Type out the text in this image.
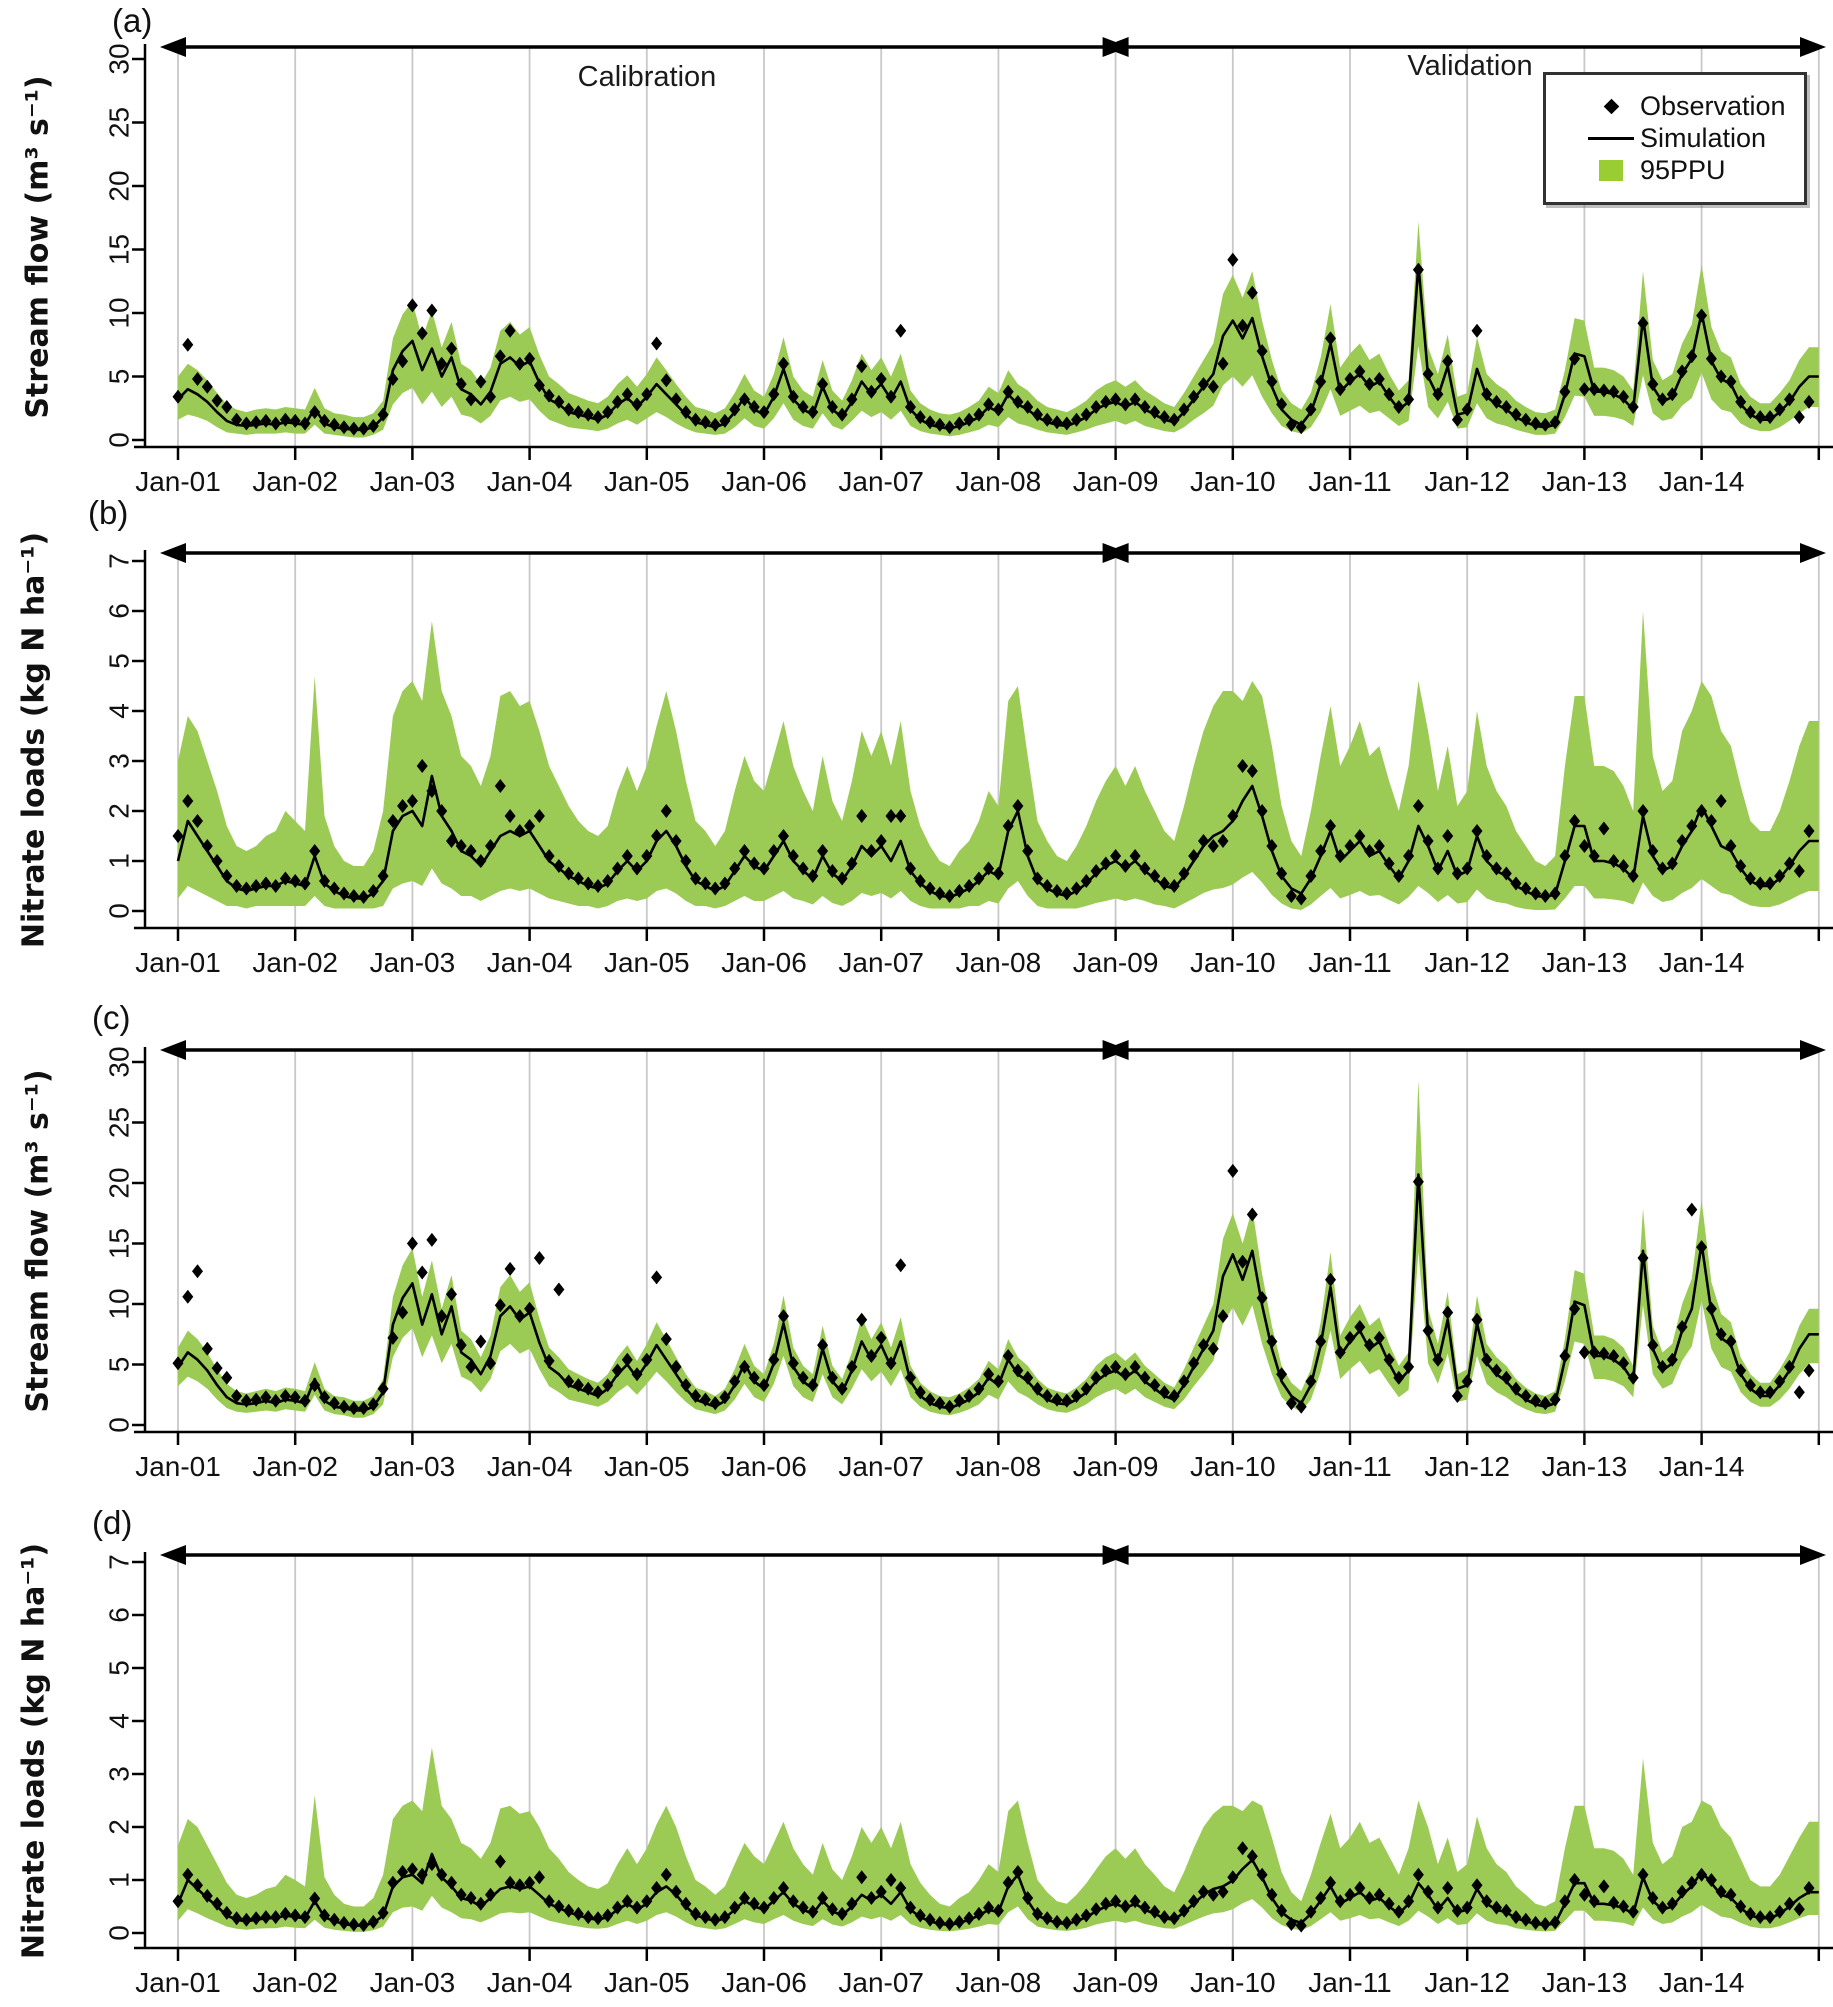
0
5
10
15
20
25
30
Jan-01 Jan-02 Jan-03 Jan-04 Jan-05 Jan-06 Jan-07 Jan-08 Jan-09 Jan-10 Jan-11 Jan-12 Jan-13 Jan-14
0
1
2
3
4
5
6
7
Jan-01 Jan-02 Jan-03 Jan-04 Jan-05 Jan-06 Jan-07 Jan-08 Jan-09 Jan-10 Jan-11 Jan-12 Jan-13 Jan-14
0
5
10
15
20
25
30
Jan-01 Jan-02 Jan-03 Jan-04 Jan-05 Jan-06 Jan-07 Jan-08 Jan-09 Jan-10 Jan-11 Jan-12 Jan-13 Jan-14
0
1
2
3
4
5
6
7
Jan-01 Jan-02 Jan-03 Jan-04 Jan-05 Jan-06 Jan-07 Jan-08 Jan-09 Jan-10 Jan-11 Jan-12 Jan-13 Jan-14
(a)
(b)
(c)
(d)
Stream flow (m³ s⁻¹)
Nitrate loads (kg N ha⁻¹)
Stream flow (m³ s⁻¹)
Nitrate loads (kg N ha⁻¹)
Calibration	Validation
Observation
Simulation
95PPU
